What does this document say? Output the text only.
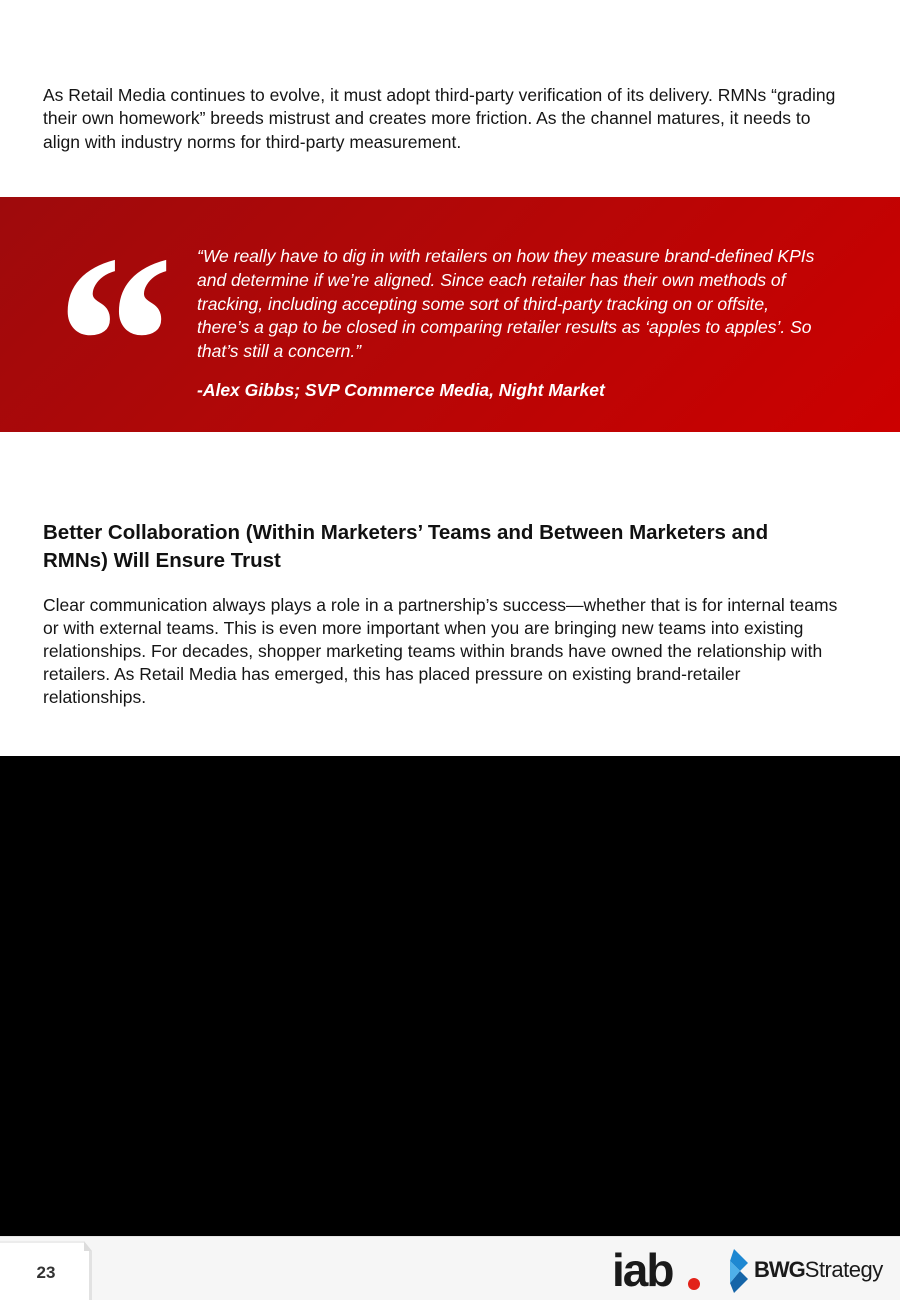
As Retail Media continues to evolve, it must adopt third-party verification of its delivery. RMNs “grading their own homework” breeds mistrust and creates more friction. As the channel matures, it needs to align with industry norms for third-party measurement.

“	“We really have to dig in with retailers on how they measure brand-defined KPIs and determine if we’re aligned. Since each retailer has their own methods of tracking, including accepting some sort of third-party tracking on or offsite, there’s a gap to be closed in comparing retailer results as ‘apples to apples’. So that’s still a concern.”
-Alex Gibbs; SVP Commerce Media, Night Market
Better Collaboration (Within Marketers’ Teams and Between Marketers and RMNs) Will Ensure Trust

Clear communication always plays a role in a partnership’s success—whether that is for internal teams or with external teams. This is even more important when you are bringing new teams into existing relationships. For decades, shopper marketing teams within brands have owned the relationship with retailers. As Retail Media has emerged, this has placed pressure on existing brand-retailer relationships.

23	iab	BWGStrategy
